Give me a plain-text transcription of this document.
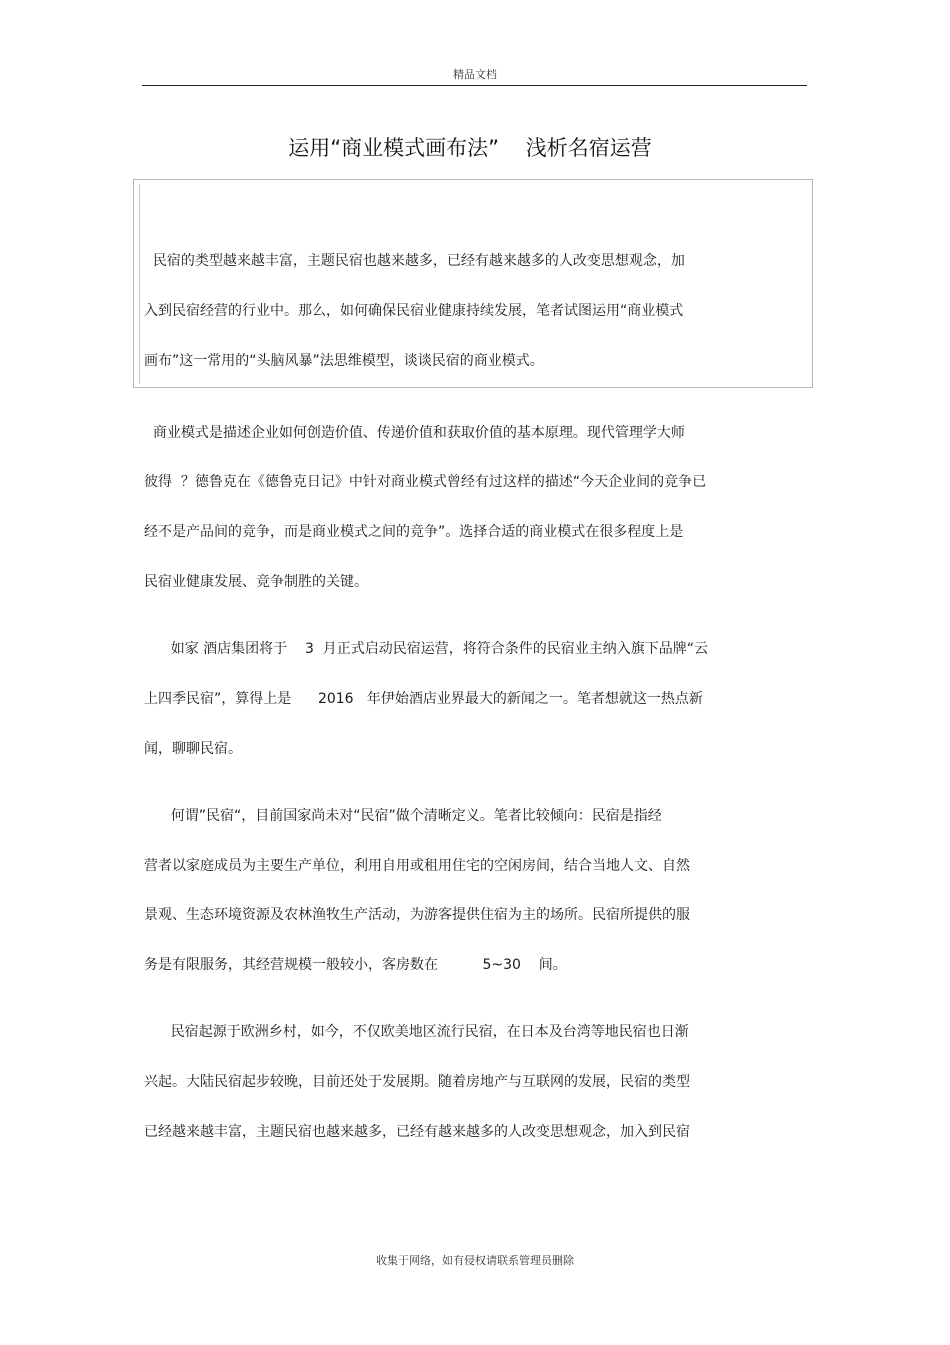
精品文档
运用“商业模式画布法”    浅析名宿运营
民宿的类型越来越丰富，主题民宿也越来越多，已经有越来越多的人改变思想观念，加
入到民宿经营的行业中。那么，如何确保民宿业健康持续发展，笔者试图运用“商业模式
画布”这一常用的“头脑风暴”法思维模型，谈谈民宿的商业模式。
商业模式是描述企业如何创造价值、传递价值和获取价值的基本原理。现代管理学大师
彼得  ？德鲁克在《德鲁克日记》中针对商业模式曾经有过这样的描述“今天企业间的竞争已
经不是产品间的竞争，而是商业模式之间的竞争”。选择合适的商业模式在很多程度上是
民宿业健康发展、竞争制胜的关键。
如家 酒店集团将于    3  月正式启动民宿运营，将符合条件的民宿业主纳入旗下品牌“云
上四季民宿”，算得上是      2016   年伊始酒店业界最大的新闻之一。笔者想就这一热点新
闻，聊聊民宿。
何谓”民宿“，目前国家尚未对“民宿”做个清晰定义。笔者比较倾向：民宿是指经
营者以家庭成员为主要生产单位，利用自用或租用住宅的空闲房间，结合当地人文、自然
景观、生态环境资源及农林渔牧生产活动，为游客提供住宿为主的场所。民宿所提供的服
务是有限服务，其经营规模一般较小，客房数在          5~30    间。
民宿起源于欧洲乡村，如今，不仅欧美地区流行民宿，在日本及台湾等地民宿也日渐
兴起。大陆民宿起步较晚，目前还处于发展期。随着房地产与互联网的发展，民宿的类型
已经越来越丰富，主题民宿也越来越多，已经有越来越多的人改变思想观念，加入到民宿
收集于网络，如有侵权请联系管理员删除
